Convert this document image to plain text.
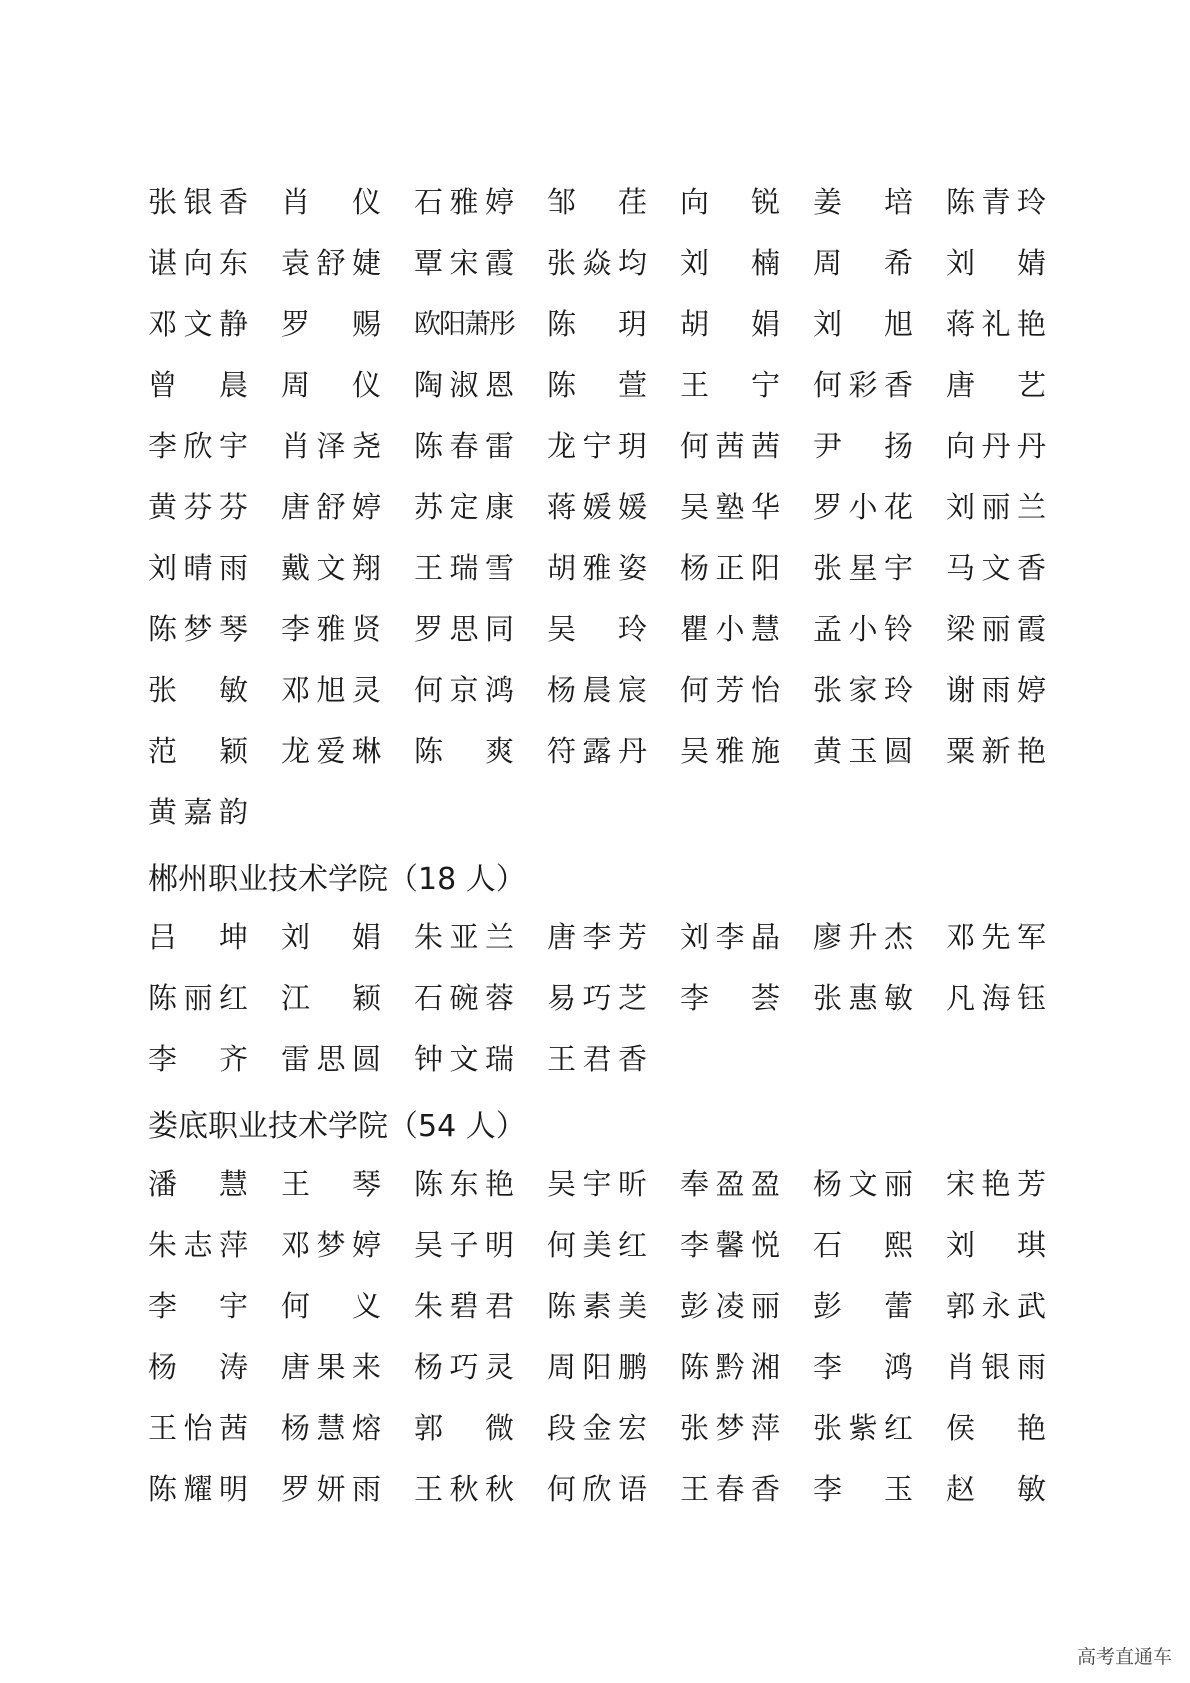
张 银 香 肖 仪 石 雅 婷 邹 荏 向 锐 姜 培 陈 青 玲
谌 向 东 袁 舒 婕 覃 宋 霞 张 焱 均 刘 楠 周 希 刘 婧
邓 文 静 罗 赐 欧 阳 萧 彤 陈 玥 胡 娟 刘 旭 蒋 礼 艳
曾 晨 周 仪 陶 淑 恩 陈 萱 王 宁 何 彩 香 唐 艺
李 欣 宇 肖 泽 尧 陈 春 雷 龙 宁 玥 何 茜 茜 尹 扬 向 丹 丹
黄 芬 芬 唐 舒 婷 苏 定 康 蒋 媛 媛 吴 塾 华 罗 小 花 刘 丽 兰
刘 晴 雨 戴 文 翔 王 瑞 雪 胡 雅 姿 杨 正 阳 张 星 宇 马 文 香
陈 梦 琴 李 雅 贤 罗 思 同 吴 玲 瞿 小 慧 孟 小 铃 梁 丽 霞
张 敏 邓 旭 灵 何 京 鸿 杨 晨 宸 何 芳 怡 张 家 玲 谢 雨 婷
范 颖 龙 爱 琳 陈 爽 符 露 丹 吴 雅 施 黄 玉 圆 粟 新 艳
黄 嘉 韵
郴州职业技术学院（18 人）
吕 坤 刘 娟 朱 亚 兰 唐 李 芳 刘 李 晶 廖 升 杰 邓 先 军
陈 丽 红 江 颖 石 碗 蓉 易 巧 芝 李 荟 张 惠 敏 凡 海 钰
李 齐 雷 思 圆 钟 文 瑞 王 君 香
娄底职业技术学院（54 人）
潘 慧 王 琴 陈 东 艳 吴 宇 昕 奉 盈 盈 杨 文 丽 宋 艳 芳
朱 志 萍 邓 梦 婷 吴 子 明 何 美 红 李 馨 悦 石 熙 刘 琪
李 宇 何 义 朱 碧 君 陈 素 美 彭 凌 丽 彭 蕾 郭 永 武
杨 涛 唐 果 来 杨 巧 灵 周 阳 鹏 陈 黔 湘 李 鸿 肖 银 雨
王 怡 茜 杨 慧 熔 郭 微 段 金 宏 张 梦 萍 张 紫 红 侯 艳
陈 耀 明 罗 妍 雨 王 秋 秋 何 欣 语 王 春 香 李 玉 赵 敏
高考直通车
